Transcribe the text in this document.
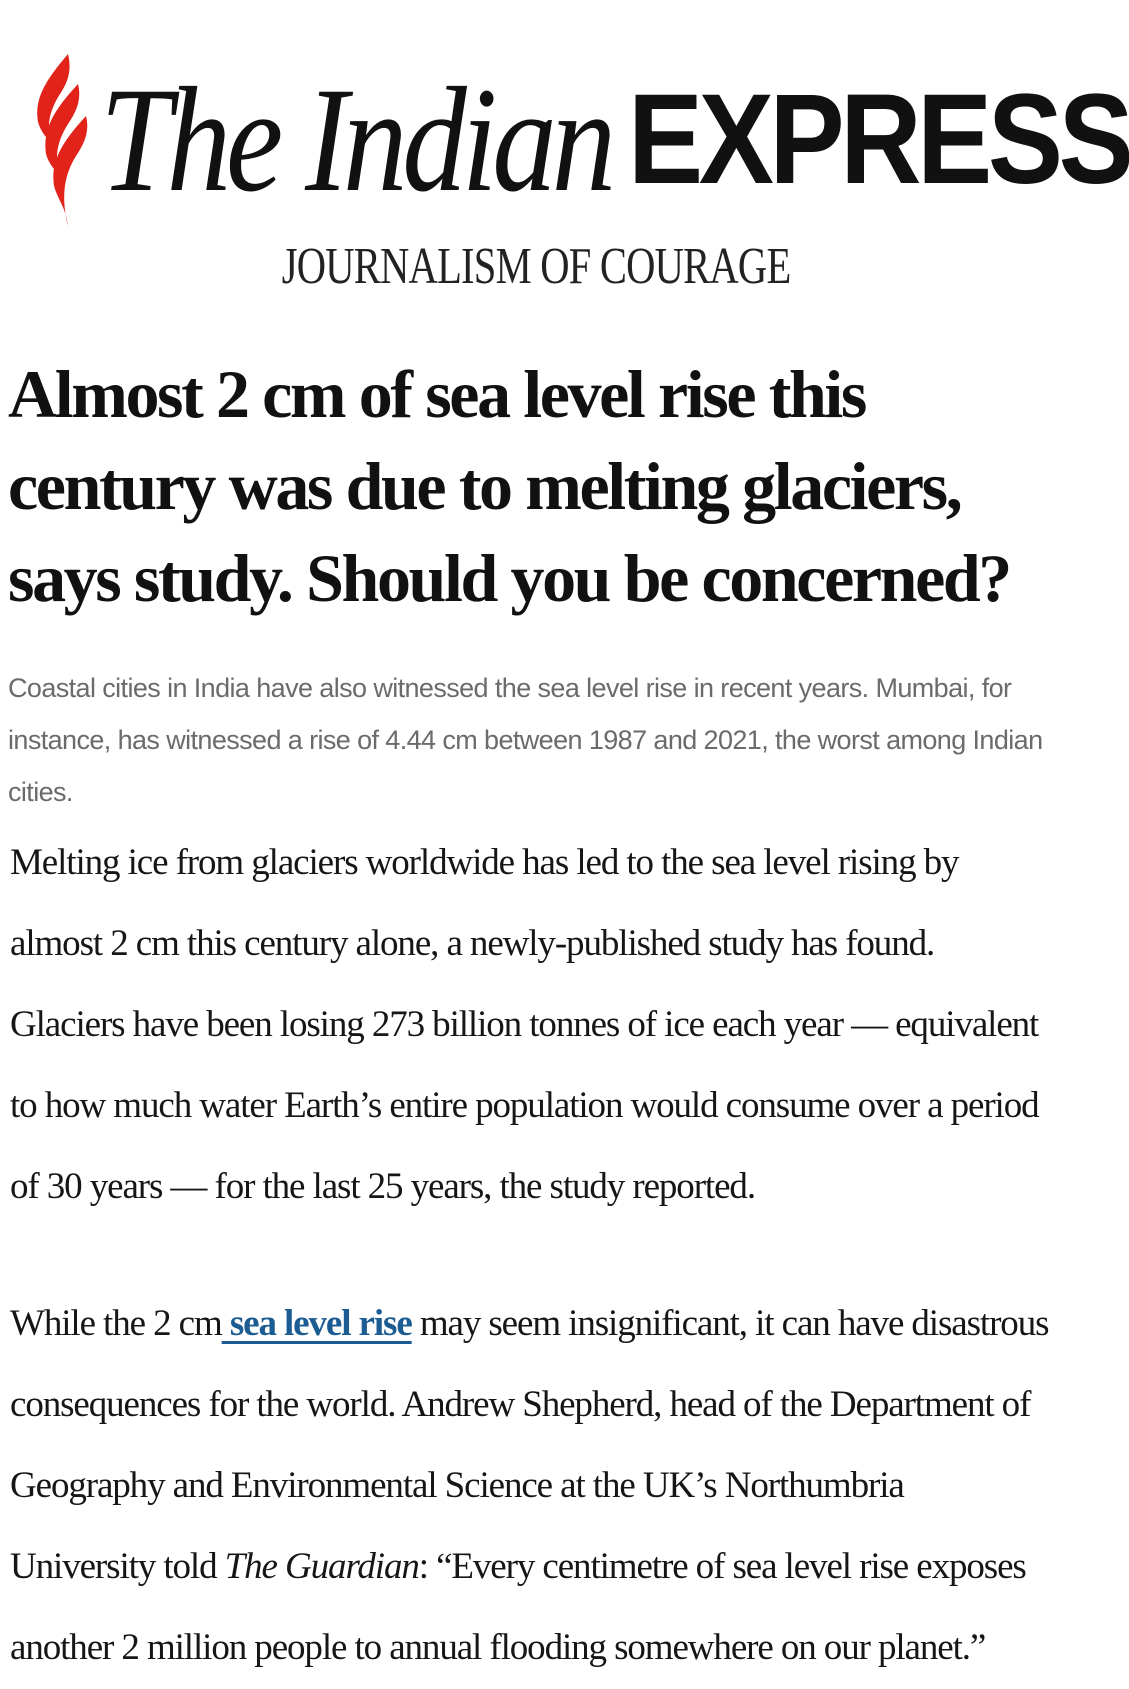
The Indian EXPRESS
JOURNALISM OF COURAGE
Almost 2 cm of sea level rise this century was due to melting glaciers, says study. Should you be concerned?

Coastal cities in India have also witnessed the sea level rise in recent years. Mumbai, for instance, has witnessed a rise of 4.44 cm between 1987 and 2021, the worst among Indian cities.

Melting ice from glaciers worldwide has led to the sea level rising by almost 2 cm this century alone, a newly-published study has found. Glaciers have been losing 273 billion tonnes of ice each year — equivalent to how much water Earth’s entire population would consume over a period of 30 years — for the last 25 years, the study reported.

While the 2 cm sea level rise may seem insignificant, it can have disastrous consequences for the world. Andrew Shepherd, head of the Department of Geography and Environmental Science at the UK’s Northumbria University told The Guardian: “Every centimetre of sea level rise exposes another 2 million people to annual flooding somewhere on our planet.”
